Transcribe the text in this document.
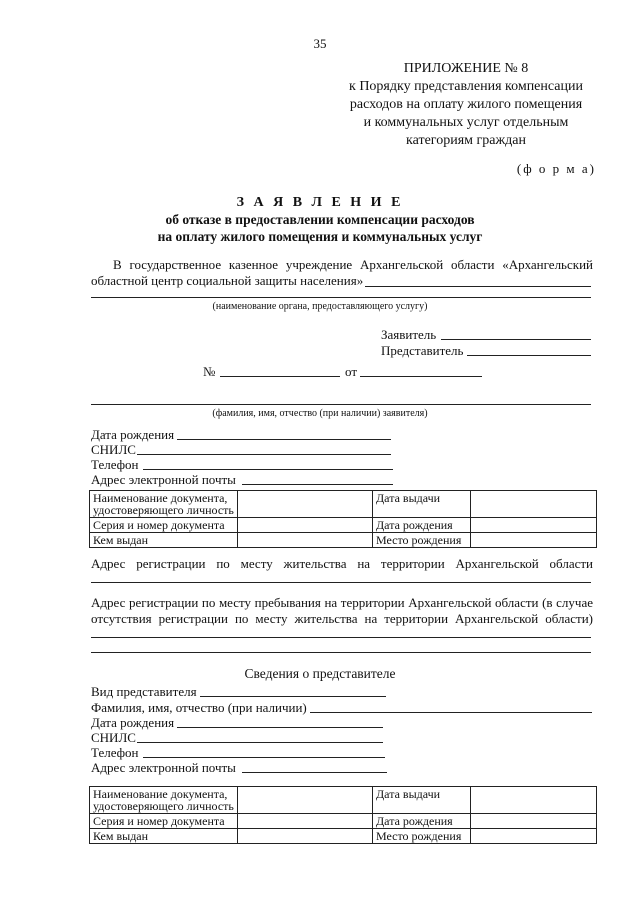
35
ПРИЛОЖЕНИЕ № 8
к Порядку представления компенсации
расходов на оплату жилого помещения
и коммунальных услуг отдельным
категориям граждан
(ф о р м а)
З А Я В Л Е Н И Е
об отказе в предоставлении компенсации расходов
на оплату жилого помещения и коммунальных услуг
В государственное казенное учреждение Архангельской области «Архангельский
областной центр социальной защиты населения»
(наименование органа, предоставляющего услугу)
Заявитель
Представитель
№	от
(фамилия, имя, отчество (при наличии) заявителя)
Дата рождения
СНИЛС
Телефон
Адрес электронной почты
Наименование документа, удостоверяющего личность		Дата выдачи	
Серия и номер документа		Дата рождения	
Кем выдан		Место рождения	
Адрес регистрации по месту жительства на территории Архангельской области
Адрес регистрации по месту пребывания на территории Архангельской области (в случае
отсутствия регистрации по месту жительства на территории Архангельской области)
Сведения о представителе
Вид представителя
Фамилия, имя, отчество (при наличии)
Дата рождения
СНИЛС
Телефон
Адрес электронной почты
Наименование документа, удостоверяющего личность		Дата выдачи	
Серия и номер документа		Дата рождения	
Кем выдан		Место рождения	
